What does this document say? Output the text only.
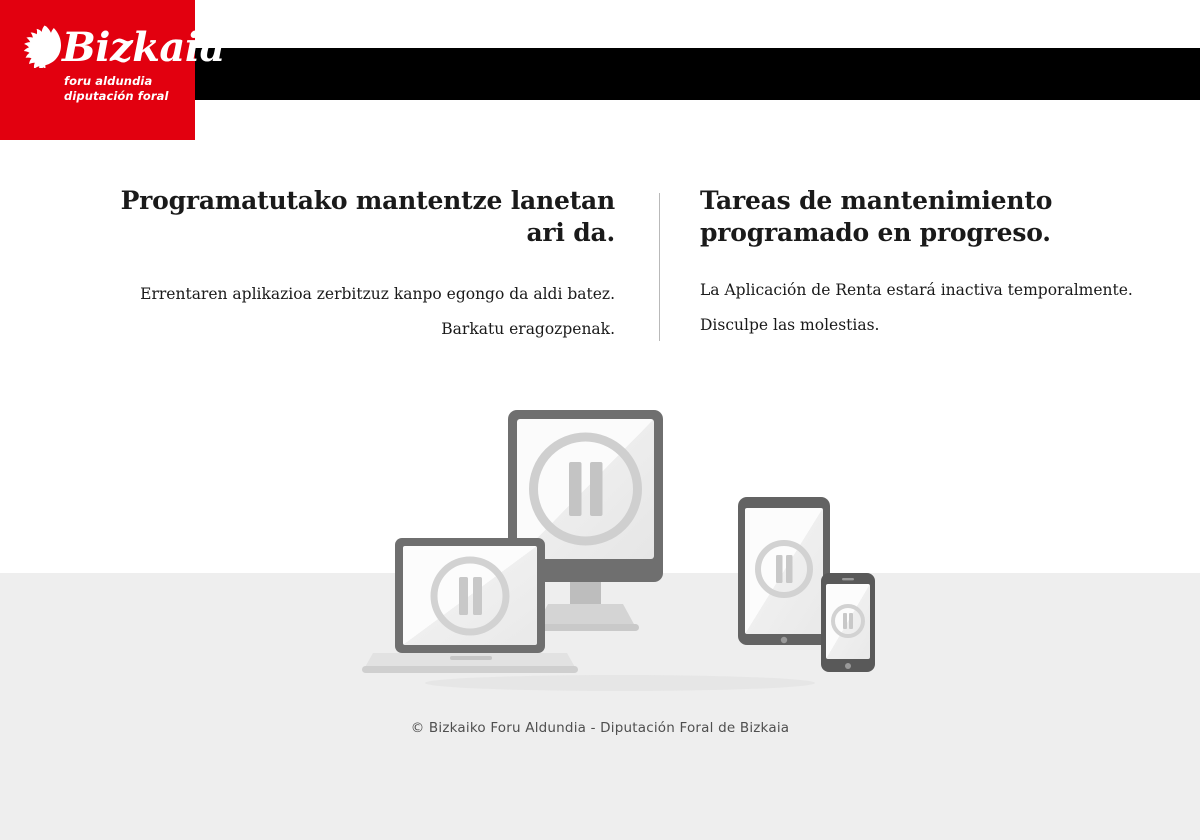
Bizkaia
foru aldundia
diputación foral

Programatutako mantentze lanetan ari da.

Errentaren aplikazioa zerbitzuz kanpo egongo da aldi batez.

Barkatu eragozpenak.

Tareas de mantenimiento programado en progreso.

La Aplicación de Renta estará inactiva temporalmente.

Disculpe las molestias.

© Bizkaiko Foru Aldundia - Diputación Foral de Bizkaia
